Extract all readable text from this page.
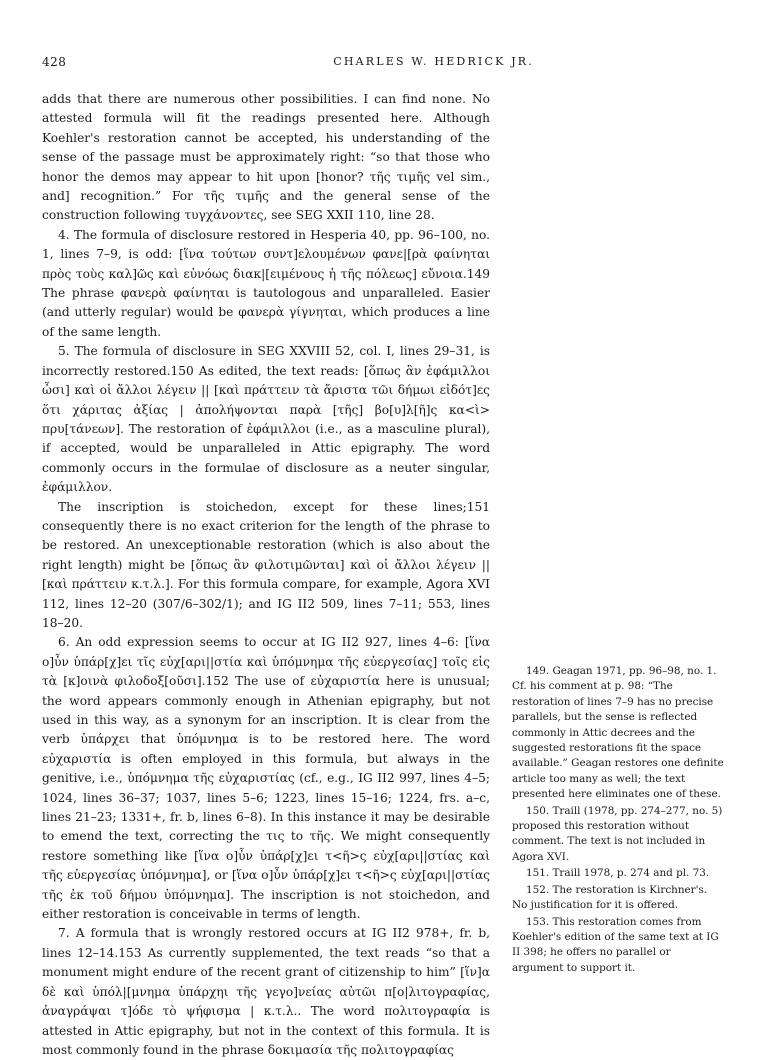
428	CHARLES W. HEDRICK JR.

adds that there are numerous other possibilities. I can find none. No attested formula will fit the readings presented here. Although Koehler's restoration cannot be accepted, his understanding of the sense of the passage must be approximately right: “so that those who honor the demos may appear to hit upon [honor? τῆς τιμῆς vel sim., and] recognition.” For τῆς τιμῆς and the general sense of the construction following τυγχάνοντες, see SEG XXII 110, line 28.

4. The formula of disclosure restored in Hesperia 40, pp. 96–100, no. 1, lines 7–9, is odd: [ἵνα τούτων συντ]ελουμένων φανε|[ρὰ φαίνηται πρὸς τοὺς καλ]ῶς καὶ εὐνόως διακ|[ειμένους ἡ τῆς πόλεως] εὔνοια.149 The phrase φανερὰ φαίνηται is tautologous and unparalleled. Easier (and utterly regular) would be φανερὰ γίγνηται, which produces a line of the same length.

5. The formula of disclosure in SEG XXVIII 52, col. I, lines 29–31, is incorrectly restored.150 As edited, the text reads: [ὅπως ἂν ἐφάμιλλοι ὦσι] καὶ οἱ ἄλλοι λέγειν || [καὶ πράττειν τὰ ἄριστα τῶι δήμωι εἰδότ]ες ὅτι χάριτας ἀξίας | ἀπολήψονται παρὰ [τῆς] βο[υ]λ[ῆ]ς κα<ὶ> πρυ[τάνεων]. The restoration of ἐφάμιλλοι (i.e., as a masculine plural), if accepted, would be unparalleled in Attic epigraphy. The word commonly occurs in the formulae of disclosure as a neuter singular, ἐφάμιλλον.

The inscription is stoichedon, except for these lines;151 consequently there is no exact criterion for the length of the phrase to be restored. An unexceptionable restoration (which is also about the right length) might be [ὅπως ἂν φιλοτιμῶνται] καὶ οἱ ἄλλοι λέγειν || [καὶ πράττειν κ.τ.λ.]. For this formula compare, for example, Agora XVI 112, lines 12–20 (307/6–302/1); and IG II2 509, lines 7–11; 553, lines 18–20.

6. An odd expression seems to occur at IG II2 927, lines 4–6: [ἵνα ο]ὖν ὑπάρ[χ]ει τῖς εὐχ[αρι||στία καὶ ὑπόμνημα τῆς εὐεργεσίας] τοῖς εἰς τὰ [κ]οινὰ φιλοδοξ[οῦσι].152 The use of εὐχαριστία here is unusual; the word appears commonly enough in Athenian epigraphy, but not used in this way, as a synonym for an inscription. It is clear from the verb ὑπάρχει that ὑπόμνημα is to be restored here. The word εὐχαριστία is often employed in this formula, but always in the genitive, i.e., ὑπόμνημα τῆς εὐχαριστίας (cf., e.g., IG II2 997, lines 4–5; 1024, lines 36–37; 1037, lines 5–6; 1223, lines 15–16; 1224, frs. a–c, lines 21–23; 1331+, fr. b, lines 6–8). In this instance it may be desirable to emend the text, correcting the τις to τῆς. We might consequently restore something like [ἵνα ο]ὖν ὑπάρ[χ]ει τ<ῆ>ς εὐχ[αρι||στίας καὶ τῆς εὐεργεσίας ὑπόμνημα], or [ἵνα ο]ὖν ὑπάρ[χ]ει τ<ῆ>ς εὐχ[αρι||στίας τῆς ἐκ τοῦ δήμου ὑπόμνημα]. The inscription is not stoichedon, and either restoration is conceivable in terms of length.

7. A formula that is wrongly restored occurs at IG II2 978+, fr. b, lines 12–14.153 As currently supplemented, the text reads “so that a monument might endure of the recent grant of citizenship to him” [ἵν]α δὲ καὶ ὑπόλ|[μνημα ὑπάρχηι τῆς γεγο]νείας αὐτῶι π[ο|λιτογραφίας, ἀναγράψαι τ]όδε τὸ ψήφισμα | κ.τ.λ.. The word πολιτογραφία is attested in Attic epigraphy, but not in the context of this formula. It is most commonly found in the phrase δοκιμασία τῆς πολιτογραφίας

149. Geagan 1971, pp. 96–98, no. 1. Cf. his comment at p. 98: “The restoration of lines 7–9 has no precise parallels, but the sense is reflected commonly in Attic decrees and the suggested restorations fit the space available.” Geagan restores one definite article too many as well; the text presented here eliminates one of these.

150. Traill (1978, pp. 274–277, no. 5) proposed this restoration without comment. The text is not included in Agora XVI.

151. Traill 1978, p. 274 and pl. 73.

152. The restoration is Kirchner's. No justification for it is offered.

153. This restoration comes from Koehler's edition of the same text at IG II 398; he offers no parallel or argument to support it.
